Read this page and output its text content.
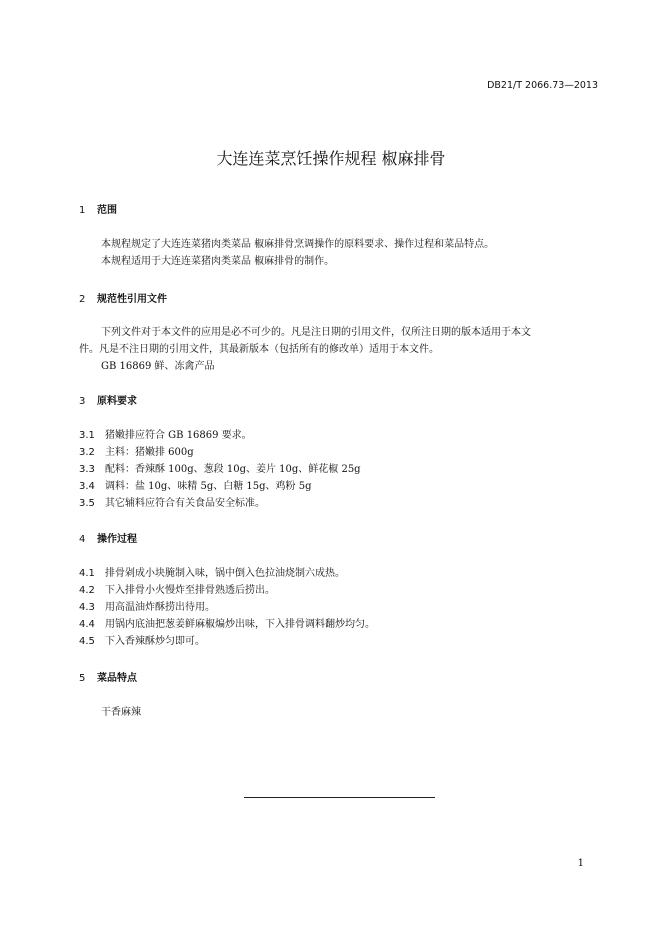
DB21/T 2066.73—2013
大连连菜烹饪操作规程 椒麻排骨
1 范围
本规程规定了大连连菜猪肉类菜品 椒麻排骨烹调操作的原料要求、操作过程和菜品特点。
本规程适用于大连连菜猪肉类菜品 椒麻排骨的制作。
2 规范性引用文件
下列文件对于本文件的应用是必不可少的。凡是注日期的引用文件，仅所注日期的版本适用于本文
件。凡是不注日期的引用文件，其最新版本（包括所有的修改单）适用于本文件。
GB 16869 鲜、冻禽产品
3 原料要求
3.1 猪嫩排应符合 GB 16869 要求。
3.2 主料：猪嫩排 600g
3.3 配料：香辣酥 100g、葱段 10g、姜片 10g、鲜花椒 25g
3.4 调料：盐 10g、味精 5g、白糖 15g、鸡粉 5g
3.5 其它辅料应符合有关食品安全标准。
4 操作过程
4.1 排骨剁成小块腌制入味，锅中倒入色拉油烧制六成热。
4.2 下入排骨小火慢炸至排骨熟透后捞出。
4.3 用高温油炸酥捞出待用。
4.4 用锅内底油把葱姜鲜麻椒煸炒出味，下入排骨调料翻炒均匀。
4.5 下入香辣酥炒匀即可。
5 菜品特点
干香麻辣
1
